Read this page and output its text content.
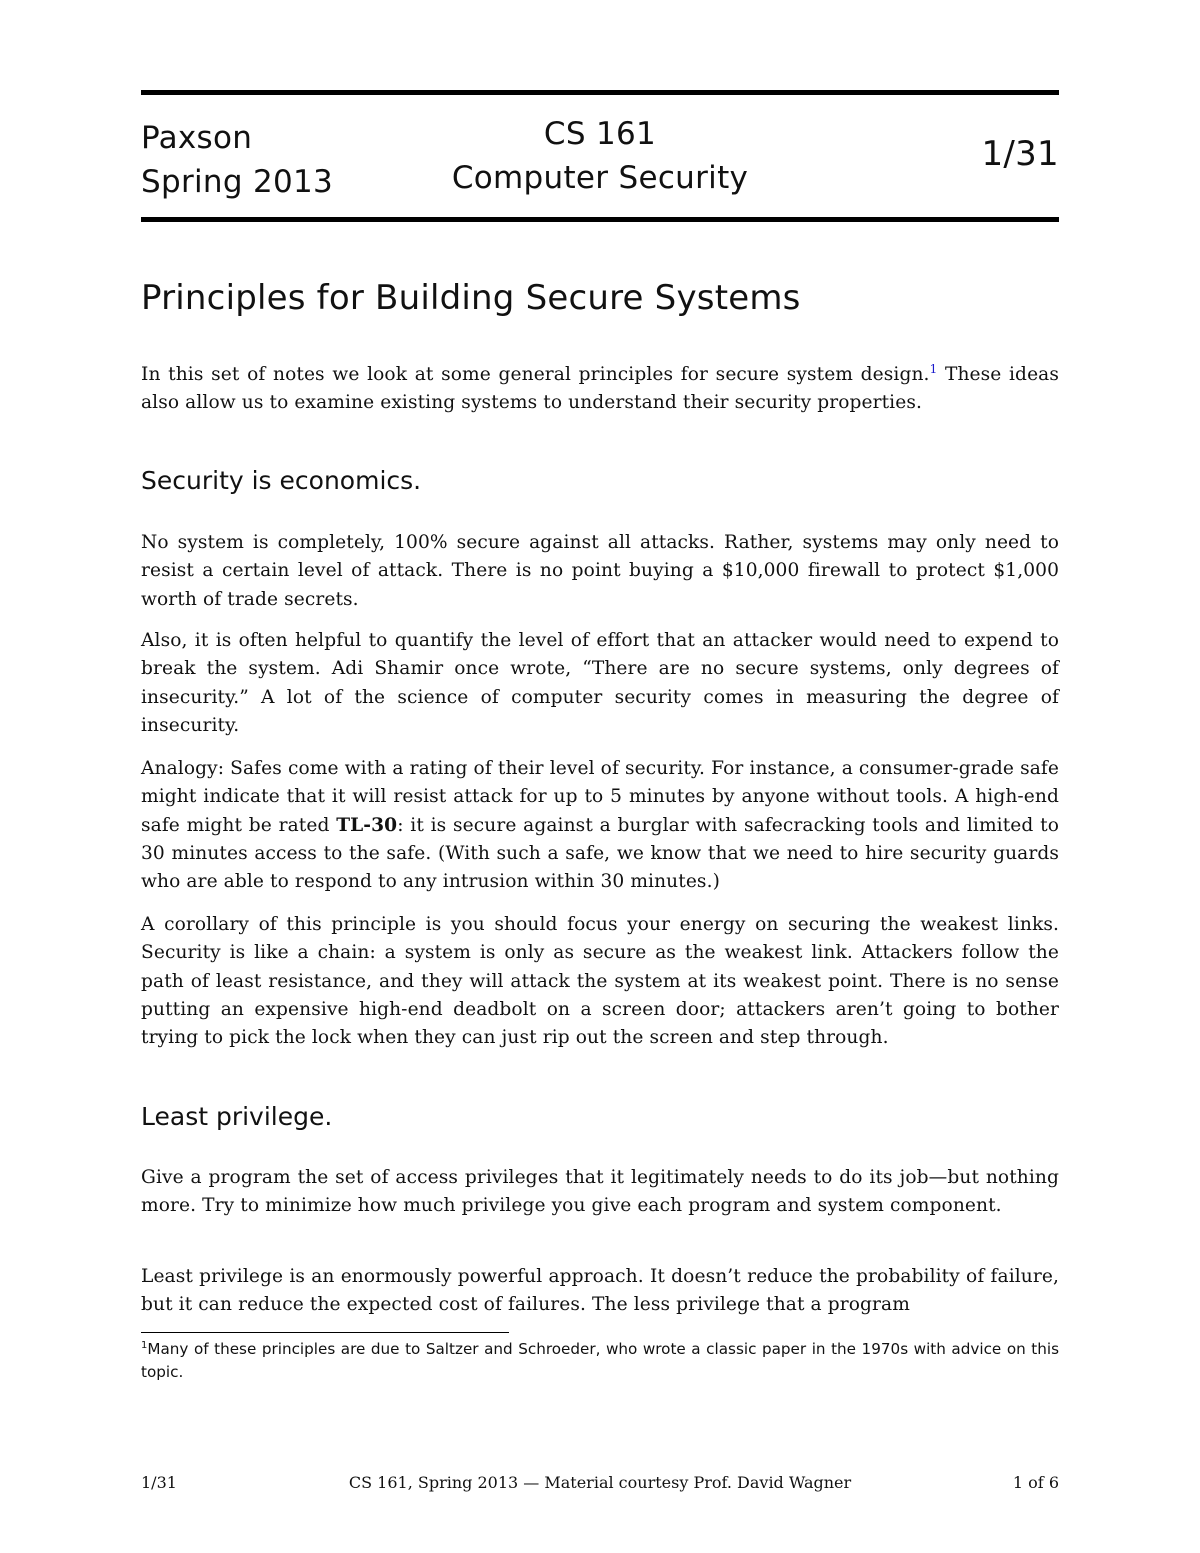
Paxson
Spring 2013
CS 161
Computer Security
1/31
Principles for Building Secure Systems

In this set of notes we look at some general principles for secure system design.$^1$ These ideas also allow us to examine existing systems to understand their security properties.

Security is economics.

No system is completely, 100% secure against all attacks. Rather, systems may only need to resist a certain level of attack. There is no point buying a $10,000 firewall to protect $1,000 worth of trade secrets.

Also, it is often helpful to quantify the level of effort that an attacker would need to expend to break the system. Adi Shamir once wrote, “There are no secure systems, only degrees of insecurity.” A lot of the science of computer security comes in measuring the degree of insecurity.

Analogy: Safes come with a rating of their level of security. For instance, a consumer-grade safe might indicate that it will resist attack for up to 5 minutes by anyone without tools. A high-end safe might be rated TL-30: it is secure against a burglar with safecracking tools and limited to 30 minutes access to the safe. (With such a safe, we know that we need to hire security guards who are able to respond to any intrusion within 30 minutes.)

A corollary of this principle is you should focus your energy on securing the weakest links. Security is like a chain: a system is only as secure as the weakest link. Attackers follow the path of least resistance, and they will attack the system at its weakest point. There is no sense putting an expensive high-end deadbolt on a screen door; attackers aren’t going to bother trying to pick the lock when they can just rip out the screen and step through.

Least privilege.

Give a program the set of access privileges that it legitimately needs to do its job—but nothing more. Try to minimize how much privilege you give each program and system component.

Least privilege is an enormously powerful approach. It doesn’t reduce the probability of failure, but it can reduce the expected cost of failures. The less privilege that a program

$^1$Many of these principles are due to Saltzer and Schroeder, who wrote a classic paper in the 1970s with advice on this topic.

1/31	CS 161, Spring 2013 — Material courtesy Prof. David Wagner	1 of 6
